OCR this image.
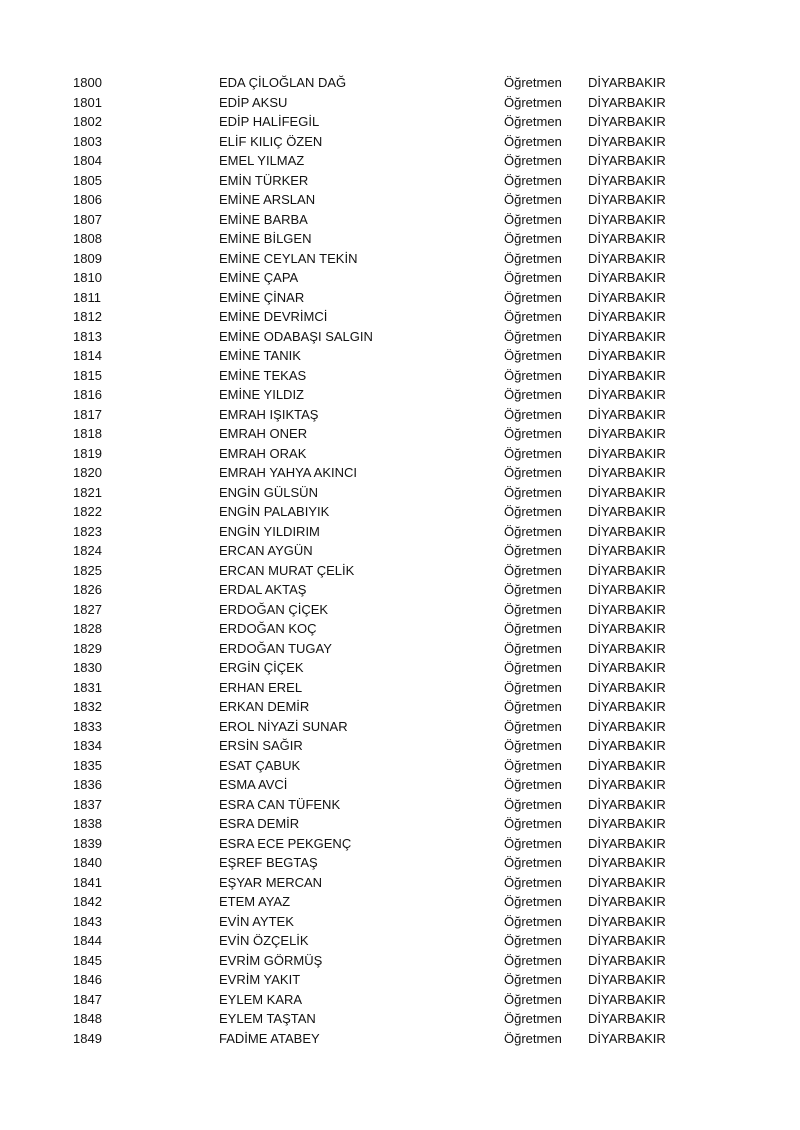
1800	EDA ÇİLOĞLAN DAĞ	Öğretmen DİYARBAKIR
1801	EDİP AKSU	Öğretmen DİYARBAKIR
1802	EDİP HALİFEGİL	Öğretmen DİYARBAKIR
1803	ELİF KILIÇ ÖZEN	Öğretmen DİYARBAKIR
1804	EMEL YILMAZ	Öğretmen DİYARBAKIR
1805	EMİN TÜRKER	Öğretmen DİYARBAKIR
1806	EMİNE ARSLAN	Öğretmen DİYARBAKIR
1807	EMİNE BARBA	Öğretmen DİYARBAKIR
1808	EMİNE BİLGEN	Öğretmen DİYARBAKIR
1809	EMİNE CEYLAN TEKİN	Öğretmen DİYARBAKIR
1810	EMİNE ÇAPA	Öğretmen DİYARBAKIR
1811	EMİNE ÇİNAR	Öğretmen DİYARBAKIR
1812	EMİNE DEVRİMCİ	Öğretmen DİYARBAKIR
1813	EMİNE ODABAŞI SALGIN	Öğretmen DİYARBAKIR
1814	EMİNE TANIK	Öğretmen DİYARBAKIR
1815	EMİNE TEKAS	Öğretmen DİYARBAKIR
1816	EMİNE YILDIZ	Öğretmen DİYARBAKIR
1817	EMRAH IŞIKTAŞ	Öğretmen DİYARBAKIR
1818	EMRAH ONER	Öğretmen DİYARBAKIR
1819	EMRAH ORAK	Öğretmen DİYARBAKIR
1820	EMRAH YAHYA AKINCI	Öğretmen DİYARBAKIR
1821	ENGİN GÜLSÜN	Öğretmen DİYARBAKIR
1822	ENGİN PALABIYIK	Öğretmen DİYARBAKIR
1823	ENGİN YILDIRIM	Öğretmen DİYARBAKIR
1824	ERCAN AYGÜN	Öğretmen DİYARBAKIR
1825	ERCAN MURAT ÇELİK	Öğretmen DİYARBAKIR
1826	ERDAL AKTAŞ	Öğretmen DİYARBAKIR
1827	ERDOĞAN ÇİÇEK	Öğretmen DİYARBAKIR
1828	ERDOĞAN KOÇ	Öğretmen DİYARBAKIR
1829	ERDOĞAN TUGAY	Öğretmen DİYARBAKIR
1830	ERGİN ÇİÇEK	Öğretmen DİYARBAKIR
1831	ERHAN EREL	Öğretmen DİYARBAKIR
1832	ERKAN DEMİR	Öğretmen DİYARBAKIR
1833	EROL NİYAZİ SUNAR	Öğretmen DİYARBAKIR
1834	ERSİN SAĞIR	Öğretmen DİYARBAKIR
1835	ESAT ÇABUK	Öğretmen DİYARBAKIR
1836	ESMA AVCİ	Öğretmen DİYARBAKIR
1837	ESRA CAN TÜFENK	Öğretmen DİYARBAKIR
1838	ESRA DEMİR	Öğretmen DİYARBAKIR
1839	ESRA ECE PEKGENÇ	Öğretmen DİYARBAKIR
1840	EŞREF BEGTAŞ	Öğretmen DİYARBAKIR
1841	EŞYAR MERCAN	Öğretmen DİYARBAKIR
1842	ETEM AYAZ	Öğretmen DİYARBAKIR
1843	EVİN AYTEK	Öğretmen DİYARBAKIR
1844	EVİN ÖZÇELİK	Öğretmen DİYARBAKIR
1845	EVRİM GÖRMÜŞ	Öğretmen DİYARBAKIR
1846	EVRİM YAKIT	Öğretmen DİYARBAKIR
1847	EYLEM KARA	Öğretmen DİYARBAKIR
1848	EYLEM TAŞTAN	Öğretmen DİYARBAKIR
1849	FADİME ATABEY	Öğretmen DİYARBAKIR
